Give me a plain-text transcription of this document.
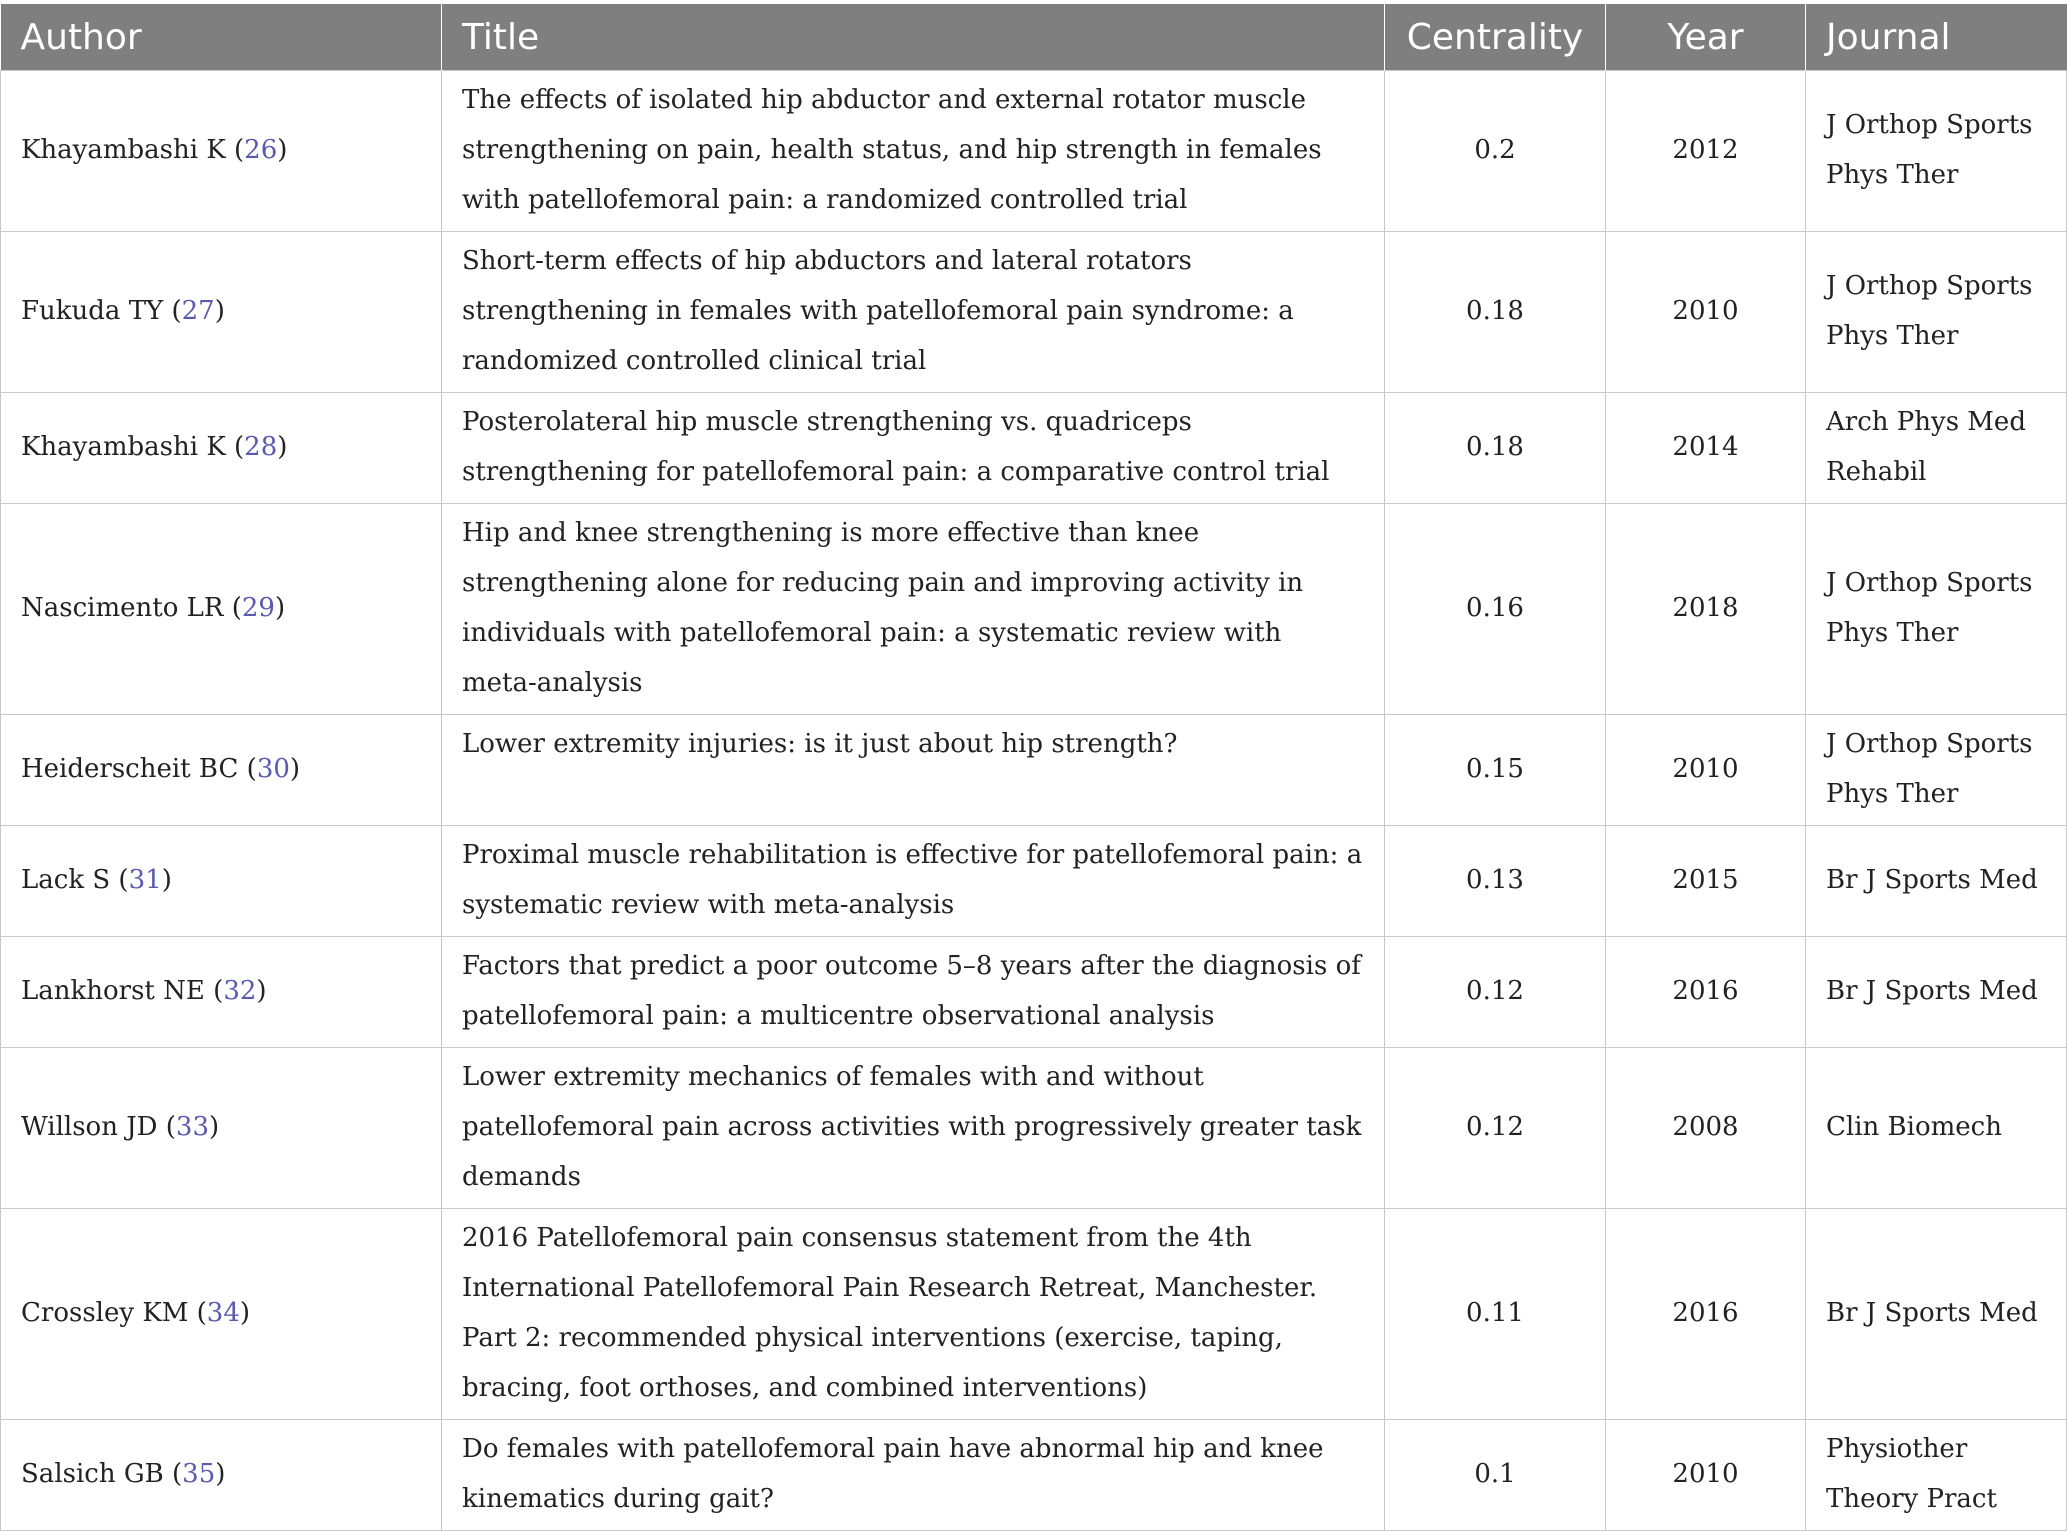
Author	Title	Centrality	Year	Journal
Khayambashi K (26)	The effects of isolated hip abductor and external rotator muscle strengthening on pain, health status, and hip strength in females with patellofemoral pain: a randomized controlled trial	0.2	2012	J Orthop Sports Phys Ther
Fukuda TY (27)	Short-term effects of hip abductors and lateral rotators strengthening in females with patellofemoral pain syndrome: a randomized controlled clinical trial	0.18	2010	J Orthop Sports Phys Ther
Khayambashi K (28)	Posterolateral hip muscle strengthening vs. quadriceps strengthening for patellofemoral pain: a comparative control trial	0.18	2014	Arch Phys Med Rehabil
Nascimento LR (29)	Hip and knee strengthening is more effective than knee strengthening alone for reducing pain and improving activity in individuals with patellofemoral pain: a systematic review with meta-analysis	0.16	2018	J Orthop Sports Phys Ther
Heiderscheit BC (30)	Lower extremity injuries: is it just about hip strength?	0.15	2010	J Orthop Sports Phys Ther
Lack S (31)	Proximal muscle rehabilitation is effective for patellofemoral pain: a systematic review with meta-analysis	0.13	2015	Br J Sports Med
Lankhorst NE (32)	Factors that predict a poor outcome 5–8 years after the diagnosis of patellofemoral pain: a multicentre observational analysis	0.12	2016	Br J Sports Med
Willson JD (33)	Lower extremity mechanics of females with and without patellofemoral pain across activities with progressively greater task demands	0.12	2008	Clin Biomech
Crossley KM (34)	2016 Patellofemoral pain consensus statement from the 4th International Patellofemoral Pain Research Retreat, Manchester. Part 2: recommended physical interventions (exercise, taping, bracing, foot orthoses, and combined interventions)	0.11	2016	Br J Sports Med
Salsich GB (35)	Do females with patellofemoral pain have abnormal hip and knee kinematics during gait?	0.1	2010	Physiother Theory Pract
